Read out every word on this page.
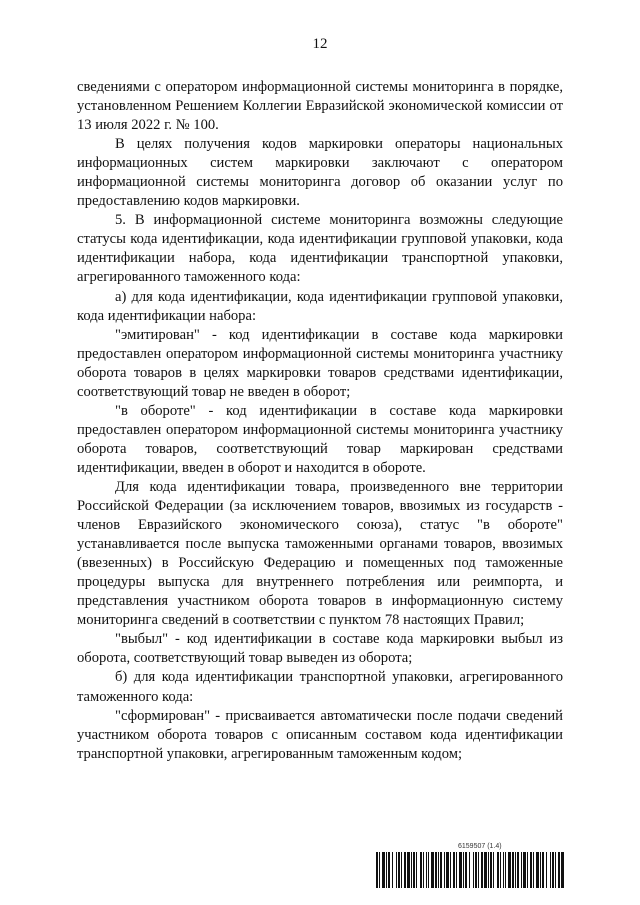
12

сведениями с оператором информационной системы мониторинга в порядке, установленном Решением Коллегии Евразийской экономической комиссии от 13 июля 2022 г. № 100.

В целях получения кодов маркировки операторы национальных информационных систем маркировки заключают с оператором информационной системы мониторинга договор об оказании услуг по предоставлению кодов маркировки.

5. В информационной системе мониторинга возможны следующие статусы кода идентификации, кода идентификации групповой упаковки, кода идентификации набора, кода идентификации транспортной упаковки, агрегированного таможенного кода:

а) для кода идентификации, кода идентификации групповой упаковки, кода идентификации набора:

"эмитирован" - код идентификации в составе кода маркировки предоставлен оператором информационной системы мониторинга участнику оборота товаров в целях маркировки товаров средствами идентификации, соответствующий товар не введен в оборот;

"в обороте" - код идентификации в составе кода маркировки предоставлен оператором информационной системы мониторинга участнику оборота товаров, соответствующий товар маркирован средствами идентификации, введен в оборот и находится в обороте.

Для кода идентификации товара, произведенного вне территории Российской Федерации (за исключением товаров, ввозимых из государств - членов Евразийского экономического союза), статус "в обороте" устанавливается после выпуска таможенными органами товаров, ввозимых (ввезенных) в Российскую Федерацию и помещенных под таможенные процедуры выпуска для внутреннего потребления или реимпорта, и представления участником оборота товаров в информационную систему мониторинга сведений в соответствии с пунктом 78 настоящих Правил;

"выбыл" - код идентификации в составе кода маркировки выбыл из оборота, соответствующий товар выведен из оборота;

б) для кода идентификации транспортной упаковки, агрегированного таможенного кода:

"сформирован" - присваивается автоматически после подачи сведений участником оборота товаров с описанным составом кода идентификации транспортной упаковки, агрегированным таможенным кодом;

6159507 (1.4)
